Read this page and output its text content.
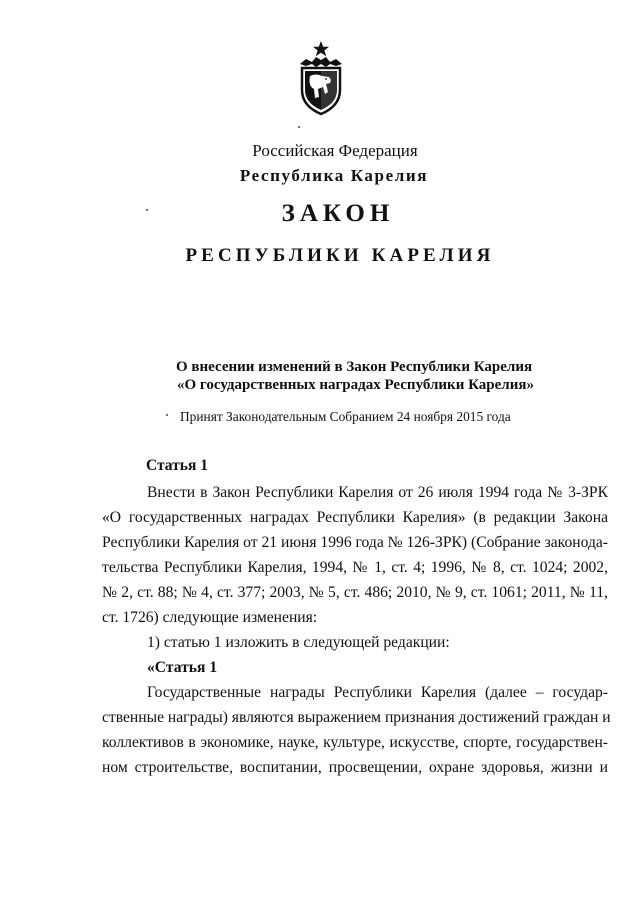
Российская Федерация
Республика Карелия
ЗАКОН
РЕСПУБЛИКИ КАРЕЛИЯ
О внесении изменений в Закон Республики Карелия
«О государственных наградах Республики Карелия»
Принят Законодательным Собранием 24 ноября 2015 года
Статья 1
Внести в Закон Республики Карелия от 26 июля 1994 года № 3-ЗРК
«О государственных наградах Республики Карелия» (в редакции Закона
Республики Карелия от 21 июня 1996 года № 126-ЗРК) (Собрание законода-
тельства Республики Карелия, 1994, № 1, ст. 4; 1996, № 8, ст. 1024; 2002,
№ 2, ст. 88; № 4, ст. 377; 2003, № 5, ст. 486; 2010, № 9, ст. 1061; 2011, № 11,
ст. 1726) следующие изменения:
1) статью 1 изложить в следующей редакции:
«Статья 1
Государственные награды Республики Карелия (далее – государ-
ственные награды) являются выражением признания достижений граждан и
коллективов в экономике, науке, культуре, искусстве, спорте, государствен-
ном строительстве, воспитании, просвещении, охране здоровья, жизни и
